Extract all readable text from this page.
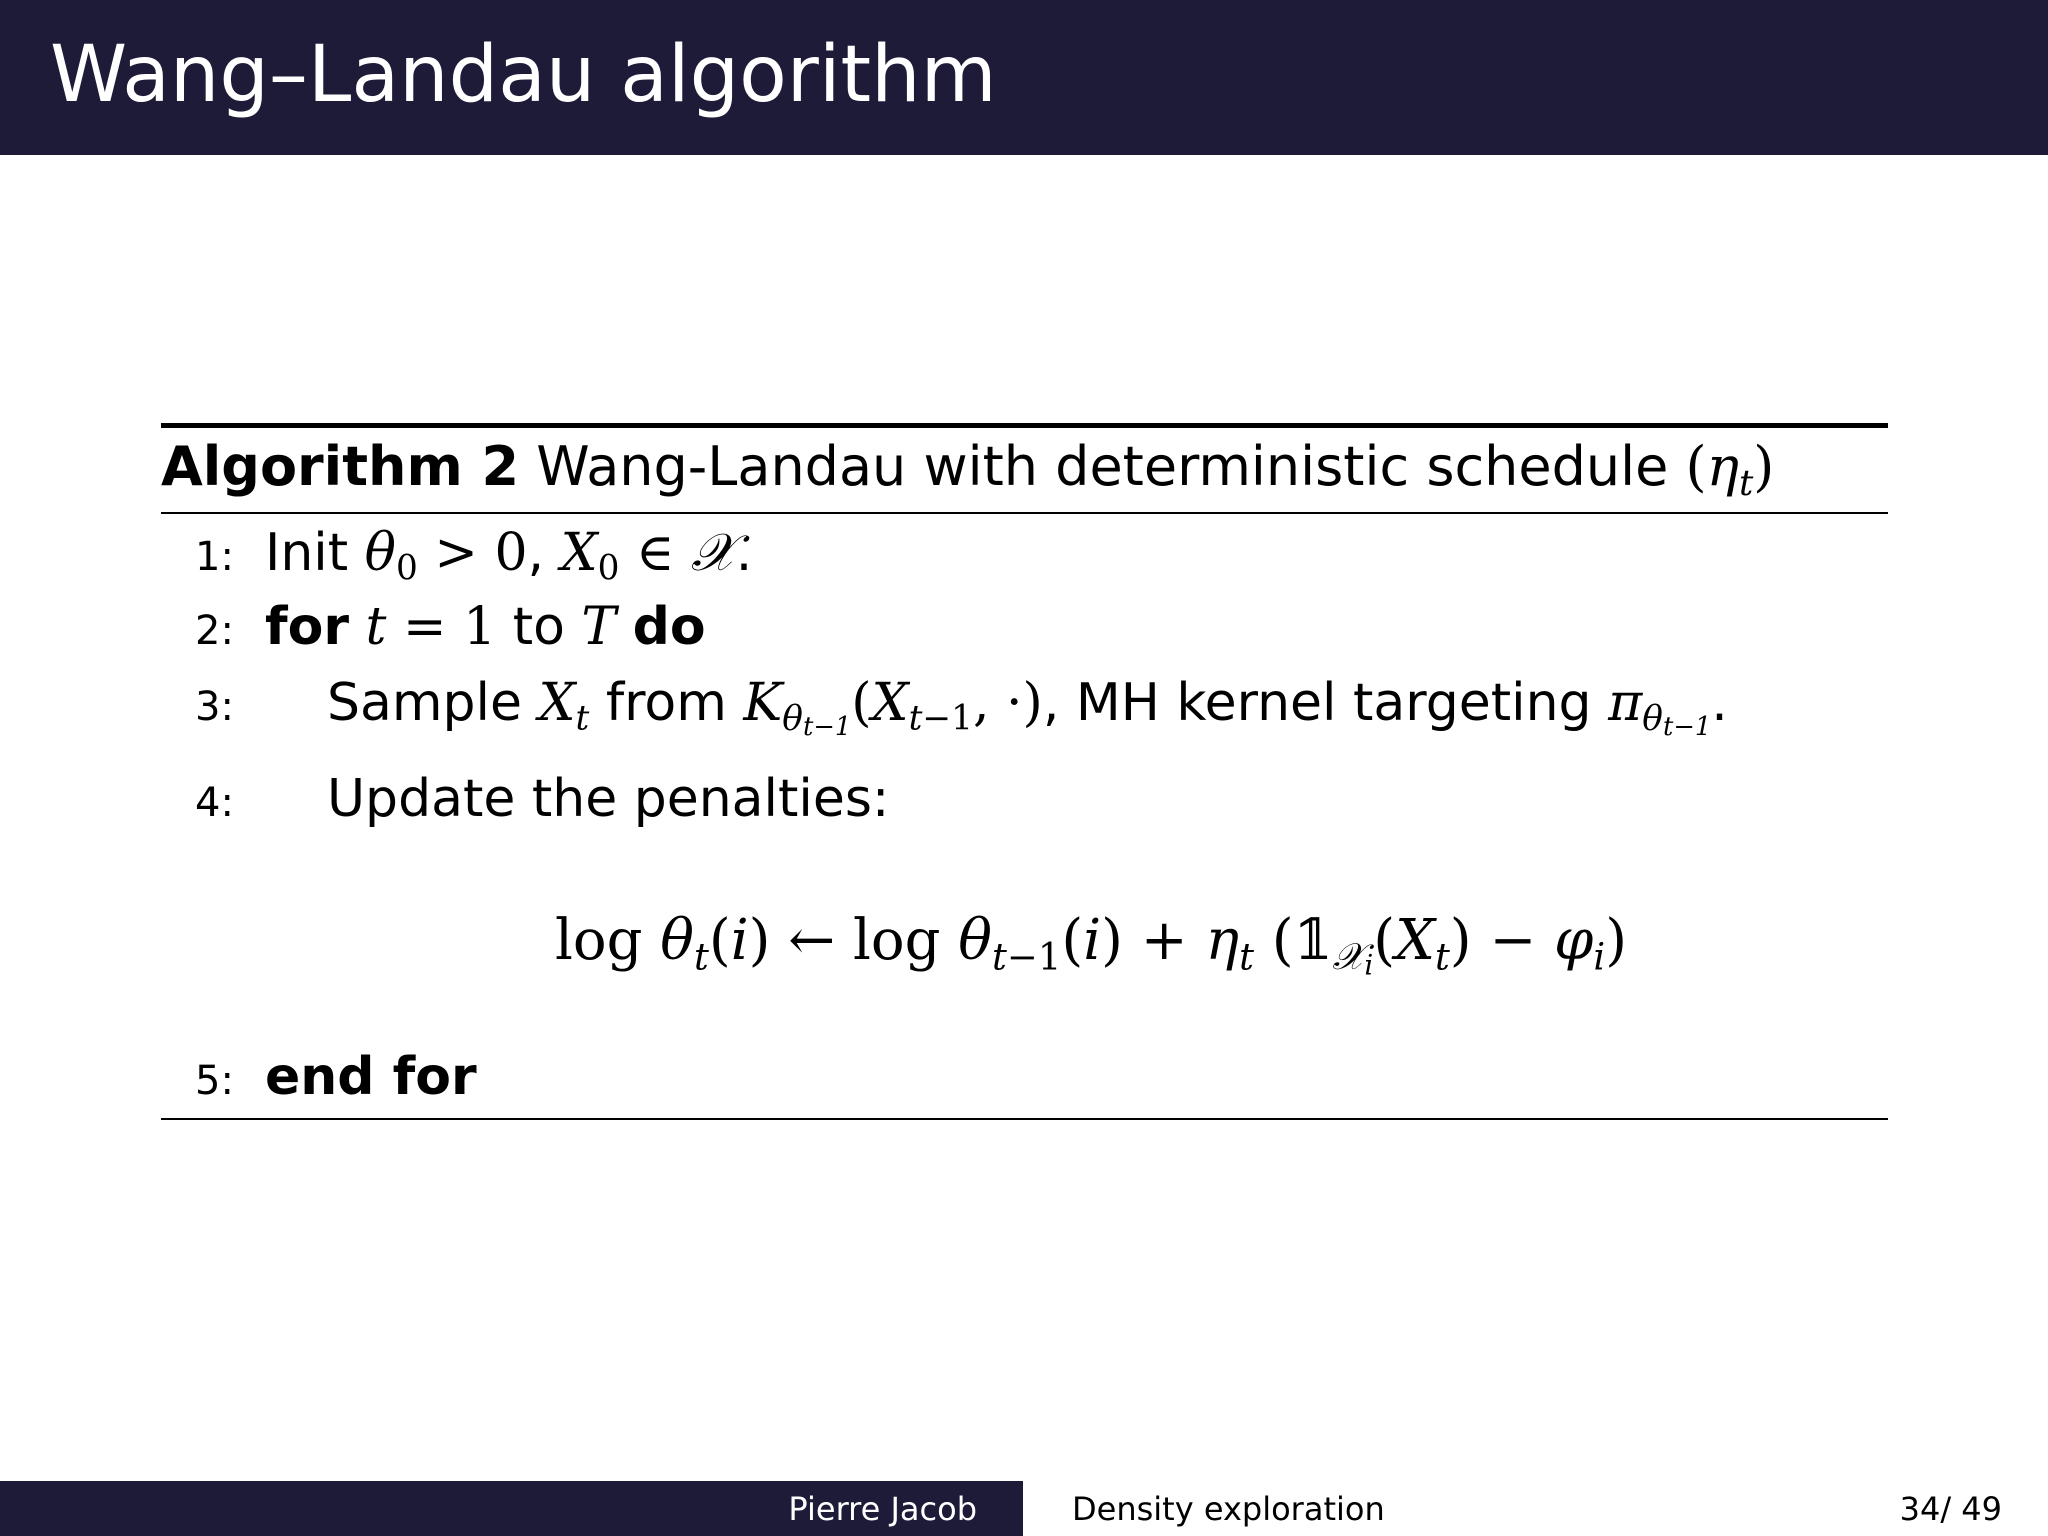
Wang–Landau algorithm
Algorithm 2 Wang-Landau with deterministic schedule $(\eta_t)$
1: Init $\theta_0 > 0$, $X_0$ ∈ 𝒳.
2: for t = 1 to T do
3: Sample $X_t$ from $K_{\theta t-1}(X_{t-1}$, ·), MH kernel targeting $\pi_{\theta t-1}$.
4: Update the penalties:
$\log \theta_t(i)$ ← $\log \theta_{t-1}(i) + \eta_t$ $(𝟙_{𝒳i}(X_t) - \varphi_i)$
5: end for
Pierre Jacob	Density exploration	34/ 49
